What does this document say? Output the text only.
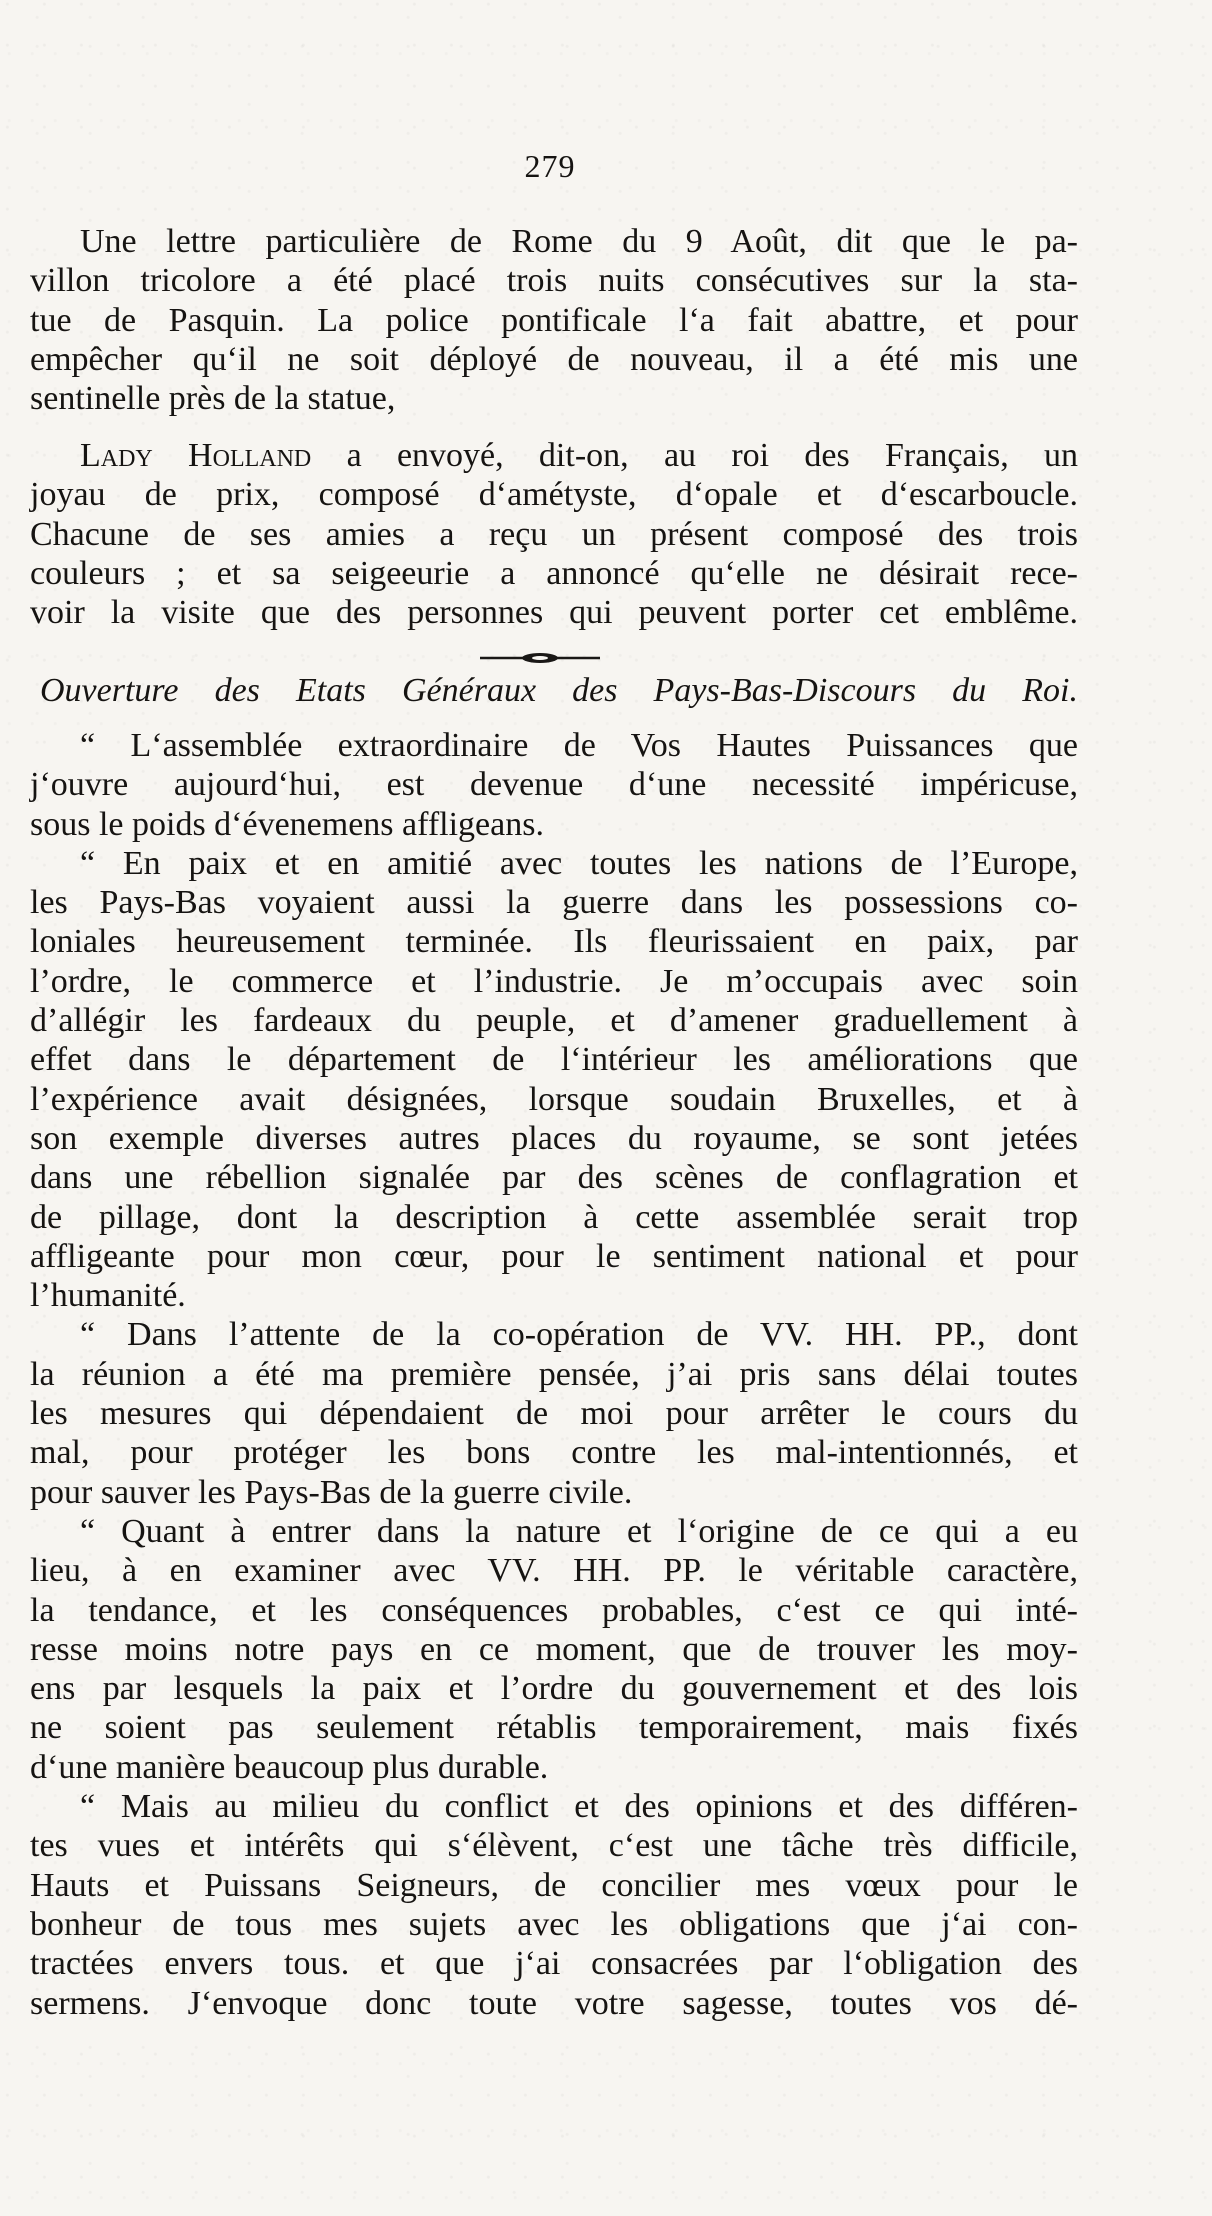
279
Une lettre particulière de Rome du 9 Août, dit que le pa-
villon tricolore a été placé trois nuits consécutives sur la sta-
tue de Pasquin. La police pontificale l‘a fait abattre, et pour
empêcher qu‘il ne soit déployé de nouveau, il a été mis une
sentinelle près de la statue,
Lady Holland a envoyé, dit-on, au roi des Français, un
joyau de prix, composé d‘amétyste, d‘opale et d‘escarboucle.
Chacune de ses amies a reçu un présent composé des trois
couleurs ; et sa seigeeurie a annoncé qu‘elle ne désirait rece-
voir la visite que des personnes qui peuvent porter cet emblême.
Ouverture des Etats Généraux des Pays-Bas-Discours du Roi.
“ L‘assemblée extraordinaire de Vos Hautes Puissances que
j‘ouvre aujourd‘hui, est devenue d‘une necessité impéricuse,
sous le poids d‘évenemens affligeans.
“ En paix et en amitié avec toutes les nations de l’Europe,
les Pays-Bas voyaient aussi la guerre dans les possessions co-
loniales heureusement terminée. Ils fleurissaient en paix, par
l’ordre, le commerce et l’industrie. Je m’occupais avec soin
d’allégir les fardeaux du peuple, et d’amener graduellement à
effet dans le département de l‘intérieur les améliorations que
l’expérience avait désignées, lorsque soudain Bruxelles, et à
son exemple diverses autres places du royaume, se sont jetées
dans une rébellion signalée par des scènes de conflagration et
de pillage, dont la description à cette assemblée serait trop
affligeante pour mon cœur, pour le sentiment national et pour
l’humanité.
“ Dans l’attente de la co-opération de VV. HH. PP., dont
la réunion a été ma première pensée, j’ai pris sans délai toutes
les mesures qui dépendaient de moi pour arrêter le cours du
mal, pour protéger les bons contre les mal-intentionnés, et
pour sauver les Pays-Bas de la guerre civile.
“ Quant à entrer dans la nature et l‘origine de ce qui a eu
lieu, à en examiner avec VV. HH. PP. le véritable caractère,
la tendance, et les conséquences probables, c‘est ce qui inté-
resse moins notre pays en ce moment, que de trouver les moy-
ens par lesquels la paix et l’ordre du gouvernement et des lois
ne soient pas seulement rétablis temporairement, mais fixés
d‘une manière beaucoup plus durable.
“ Mais au milieu du conflict et des opinions et des différen-
tes vues et intérêts qui s‘élèvent, c‘est une tâche très difficile,
Hauts et Puissans Seigneurs, de concilier mes vœux pour le
bonheur de tous mes sujets avec les obligations que j‘ai con-
tractées envers tous. et que j‘ai consacrées par l‘obligation des
sermens. J‘envoque donc toute votre sagesse, toutes vos dé-
